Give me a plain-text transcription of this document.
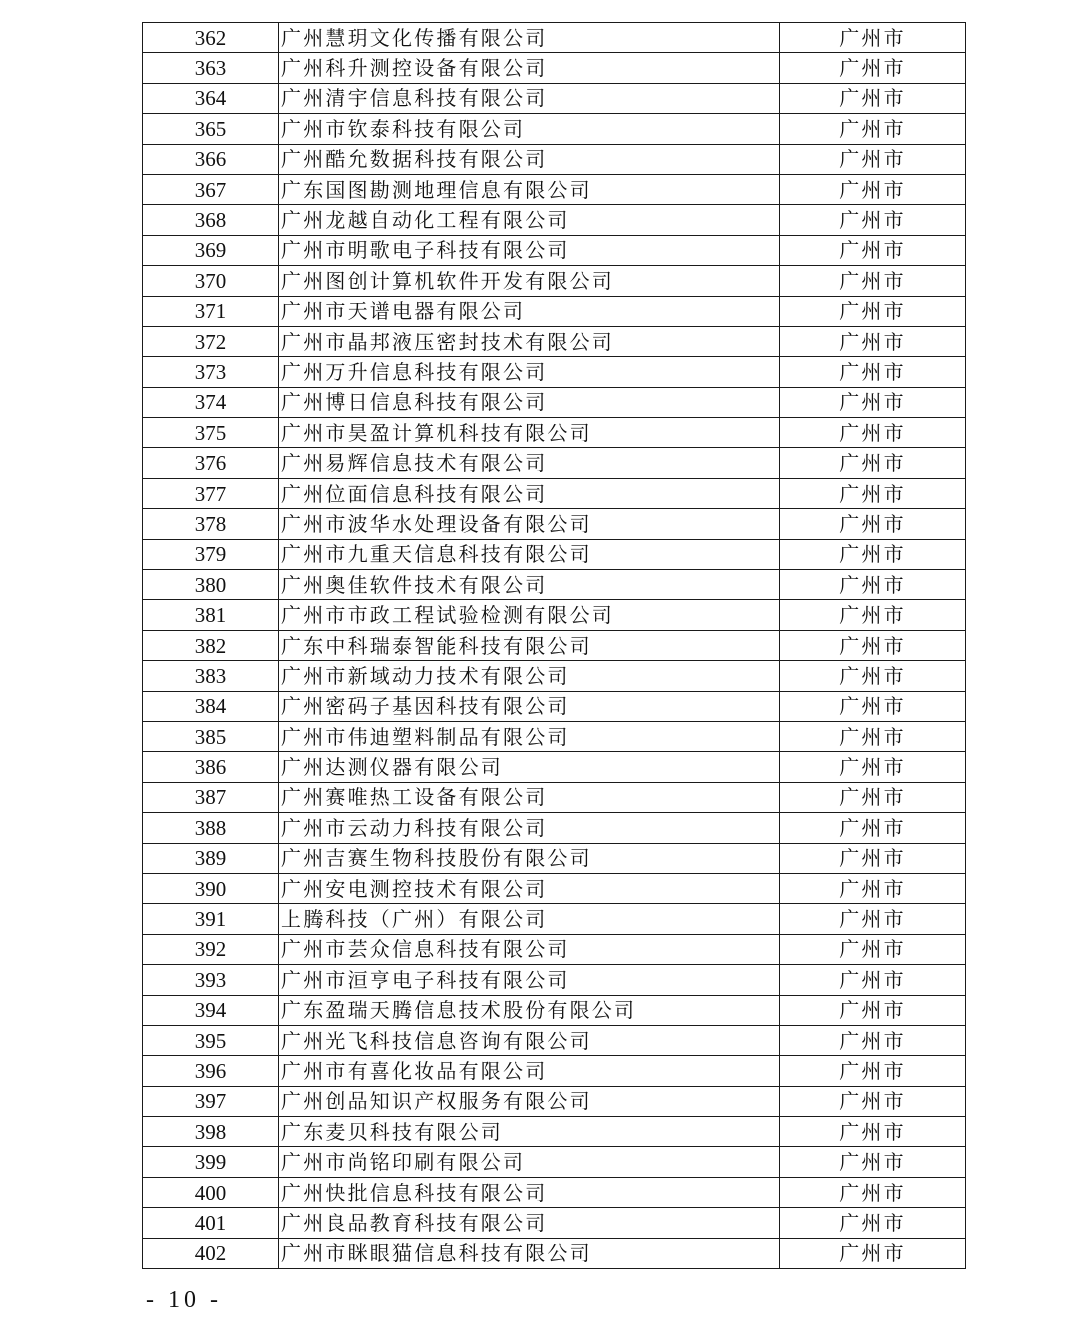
362	广州慧玥文化传播有限公司	广州市
363	广州科升测控设备有限公司	广州市
364	广州清宇信息科技有限公司	广州市
365	广州市钦泰科技有限公司	广州市
366	广州酷允数据科技有限公司	广州市
367	广东国图勘测地理信息有限公司	广州市
368	广州龙越自动化工程有限公司	广州市
369	广州市明歌电子科技有限公司	广州市
370	广州图创计算机软件开发有限公司	广州市
371	广州市天谱电器有限公司	广州市
372	广州市晶邦液压密封技术有限公司	广州市
373	广州万升信息科技有限公司	广州市
374	广州博日信息科技有限公司	广州市
375	广州市昊盈计算机科技有限公司	广州市
376	广州易辉信息技术有限公司	广州市
377	广州位面信息科技有限公司	广州市
378	广州市波华水处理设备有限公司	广州市
379	广州市九重天信息科技有限公司	广州市
380	广州奥佳软件技术有限公司	广州市
381	广州市市政工程试验检测有限公司	广州市
382	广东中科瑞泰智能科技有限公司	广州市
383	广州市新域动力技术有限公司	广州市
384	广州密码子基因科技有限公司	广州市
385	广州市伟迪塑料制品有限公司	广州市
386	广州达测仪器有限公司	广州市
387	广州赛唯热工设备有限公司	广州市
388	广州市云动力科技有限公司	广州市
389	广州吉赛生物科技股份有限公司	广州市
390	广州安电测控技术有限公司	广州市
391	上腾科技（广州）有限公司	广州市
392	广州市芸众信息科技有限公司	广州市
393	广州市洹亨电子科技有限公司	广州市
394	广东盈瑞天腾信息技术股份有限公司	广州市
395	广州光飞科技信息咨询有限公司	广州市
396	广州市有喜化妆品有限公司	广州市
397	广州创品知识产权服务有限公司	广州市
398	广东麦贝科技有限公司	广州市
399	广州市尚铭印刷有限公司	广州市
400	广州快批信息科技有限公司	广州市
401	广州良品教育科技有限公司	广州市
402	广州市眯眼猫信息科技有限公司	广州市
- 10 -
